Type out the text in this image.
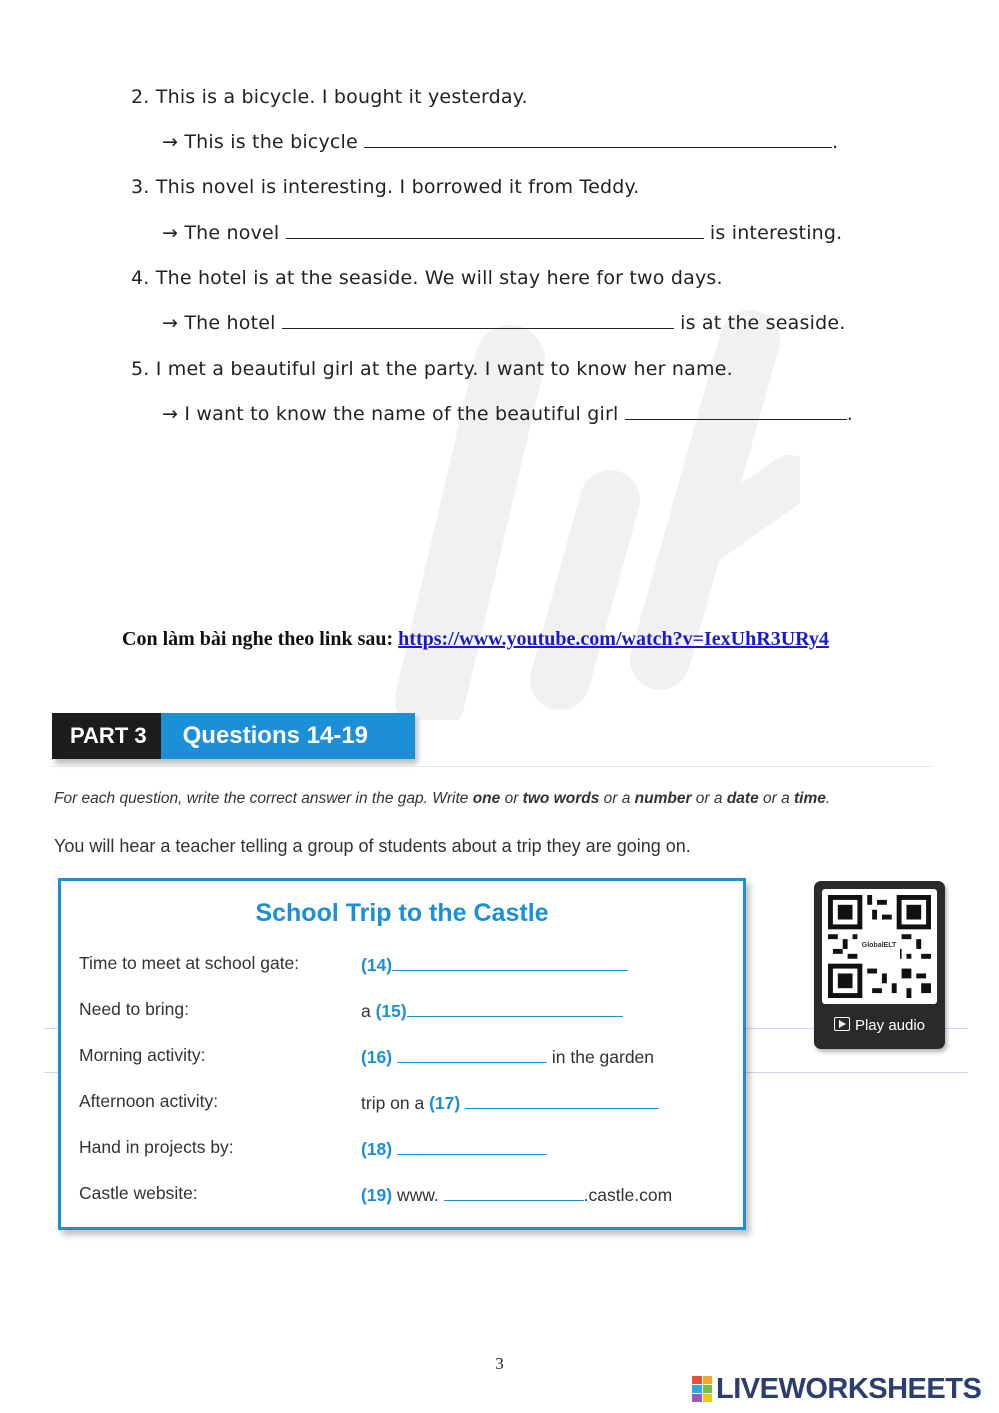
2. This is a bicycle. I bought it yesterday.
→ This is the bicycle	.
3. This novel is interesting. I borrowed it from Teddy.
→ The novel	is interesting.
4. The hotel is at the seaside. We will stay here for two days.
→ The hotel	is at the seaside.
5. I met a beautiful girl at the party. I want to know her name.
→ I want to know the name of the beautiful girl	.
Con làm bài nghe theo link sau: https://www.youtube.com/watch?v=IexUhR3URy4
PART 3	Questions 14-19
For each question, write the correct answer in the gap. Write one or two words or a number or a date or a time.
You will hear a teacher telling a group of students about a trip they are going on.
School Trip to the Castle
Time to meet at school gate:	(14)
Need to bring:	a (15)
Morning activity:	(16)	in the garden
Afternoon activity:	trip on a (17)
Hand in projects by:	(18)
Castle website:	(19) www.	.castle.com
GlobalELT
Play audio
3
LIVEWORKSHEETS
